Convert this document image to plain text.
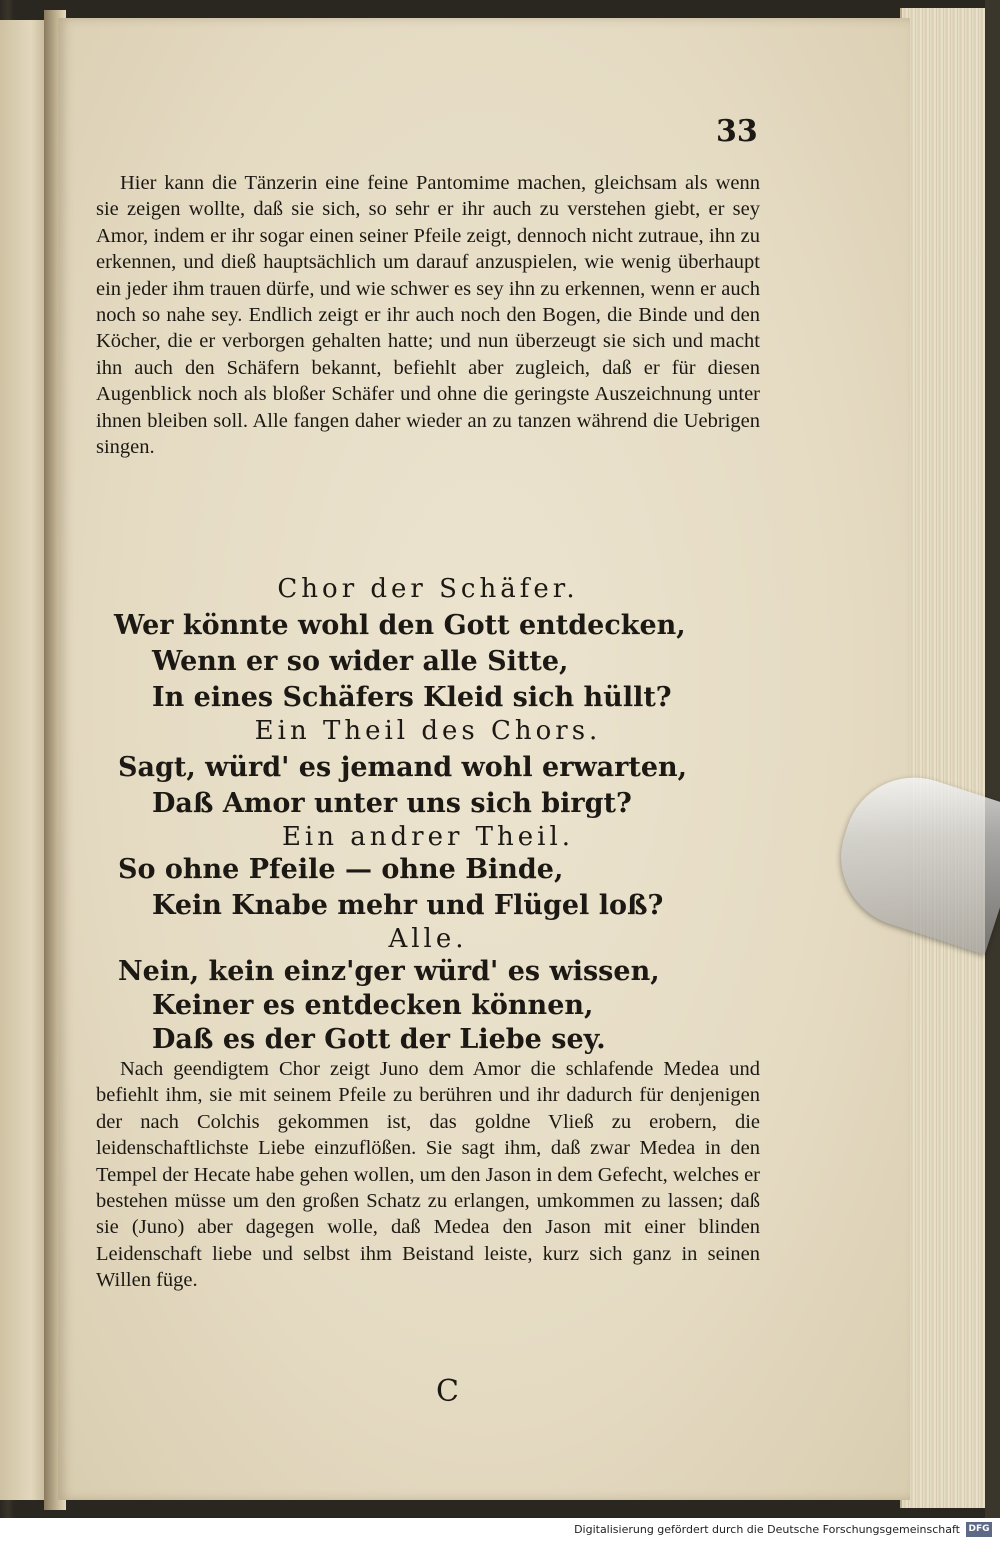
Hier kann die Tänzerin eine feine Pantomime machen, gleichsam als wenn sie zeigen wollte, daß sie sich, so sehr er ihr auch zu verstehen giebt, er sey Amor, indem er ihr sogar einen seiner Pfeile zeigt, dennoch nicht zutraue, ihn zu erkennen, und dieß hauptsächlich um darauf anzuspielen, wie wenig überhaupt ein jeder ihm trauen dürfe, und wie schwer es sey ihn zu erkennen, wenn er auch noch so nahe sey. Endlich zeigt er ihr auch noch den Bogen, die Binde und den Köcher, die er verborgen gehalten hatte; und nun überzeugt sie sich und macht ihn auch den Schäfern bekannt, befiehlt aber zugleich, daß er für diesen Augenblick noch als bloßer Schäfer und ohne die geringste Auszeichnung unter ihnen bleiben soll. Alle fangen daher wieder an zu tanzen während die Uebrigen singen.

Chor der Schäfer.
Wer könnte wohl den Gott entdecken,
Wenn er so wider alle Sitte,
In eines Schäfers Kleid sich hüllt?
Ein Theil des Chors.
Sagt, würd' es jemand wohl erwarten,
Daß Amor unter uns sich birgt?
Ein andrer Theil.
So ohne Pfeile — ohne Binde,
Kein Knabe mehr und Flügel loß?
Alle.
Nein, kein einz'ger würd' es wissen,
Keiner es entdecken können,
Daß es der Gott der Liebe sey.

Nach geendigtem Chor zeigt Juno dem Amor die schlafende Medea und befiehlt ihm, sie mit seinem Pfeile zu berühren und ihr dadurch für denjenigen der nach Colchis gekommen ist, das goldne Vließ zu erobern, die leidenschaftlichste Liebe einzuflößen. Sie sagt ihm, daß zwar Medea in den Tempel der Hecate habe gehen wollen, um den Jason in dem Gefecht, welches er bestehen müsse um den großen Schatz zu erlangen, umkommen zu lassen; daß sie (Juno) aber dagegen wolle, daß Medea den Jason mit einer blinden Leidenschaft liebe und selbst ihm Beistand leiste, kurz sich ganz in seinen Willen füge.

C
33
Digitalisierung gefördert durch die Deutsche Forschungsgemeinschaft DFG
